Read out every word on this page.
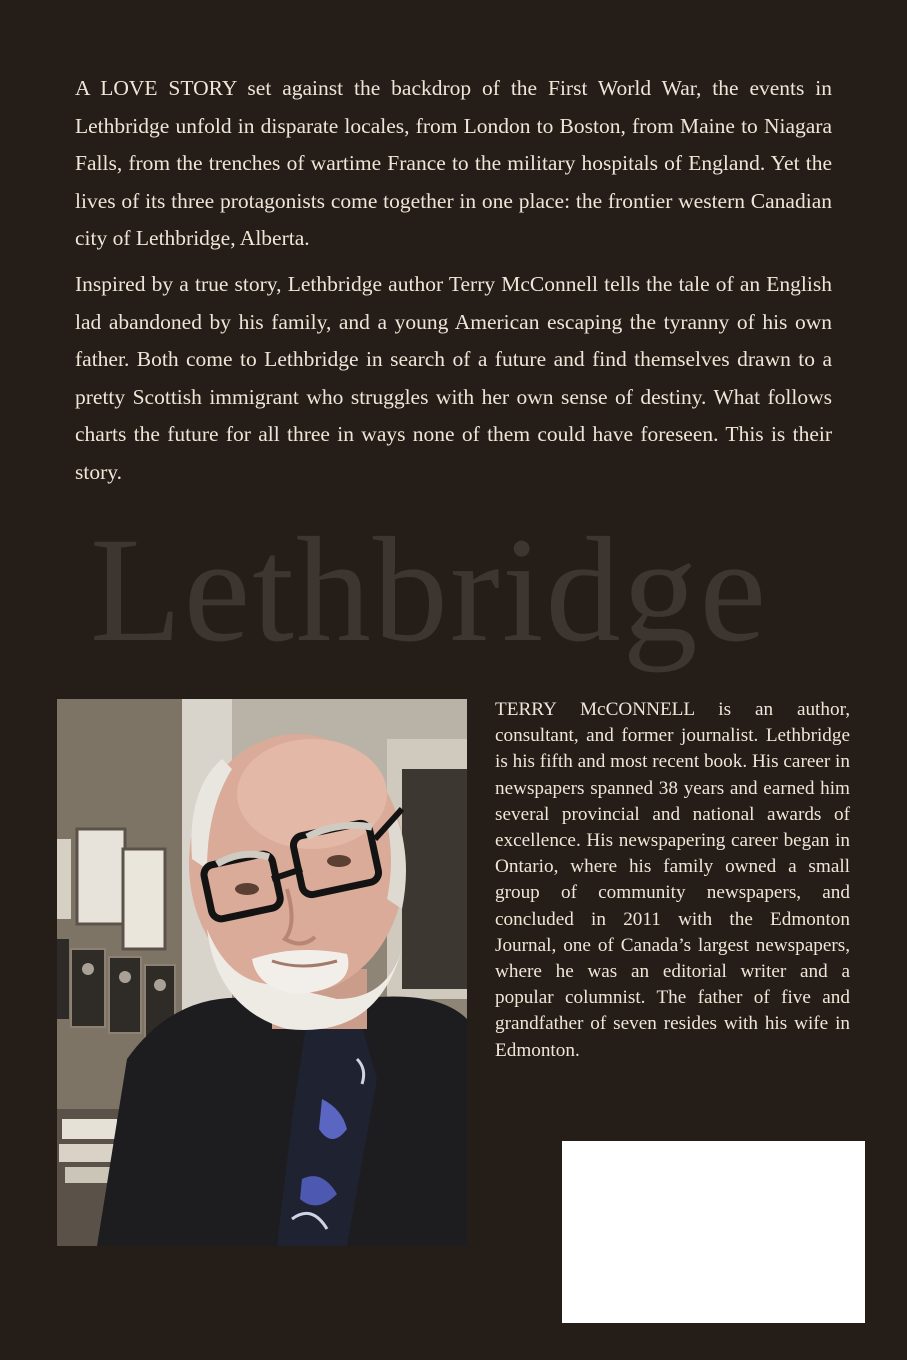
A LOVE STORY set against the backdrop of the First World War, the events in Lethbridge unfold in disparate locales, from London to Boston, from Maine to Niagara Falls, from the trenches of wartime France to the military hospitals of England. Yet the lives of its three protagonists come together in one place: the frontier western Canadian city of Lethbridge, Alberta.

Inspired by a true story, Lethbridge author Terry McConnell tells the tale of an English lad abandoned by his family, and a young American escaping the tyranny of his own father. Both come to Lethbridge in search of a future and find themselves drawn to a pretty Scottish immigrant who struggles with her own sense of destiny. What follows charts the future for all three in ways none of them could have foreseen. This is their story.

Lethbridge

TERRY McCONNELL is an author, consultant, and former journalist. Lethbridge is his fifth and most recent book. His career in newspapers spanned 38 years and earned him several provincial and national awards of excellence. His newspapering career began in Ontario, where his family owned a small group of community newspapers, and concluded in 2011 with the Edmonton Journal, one of Canada’s largest newspapers, where he was an editorial writer and a popular columnist. The father of five and grandfather of seven resides with his wife in Edmonton.
